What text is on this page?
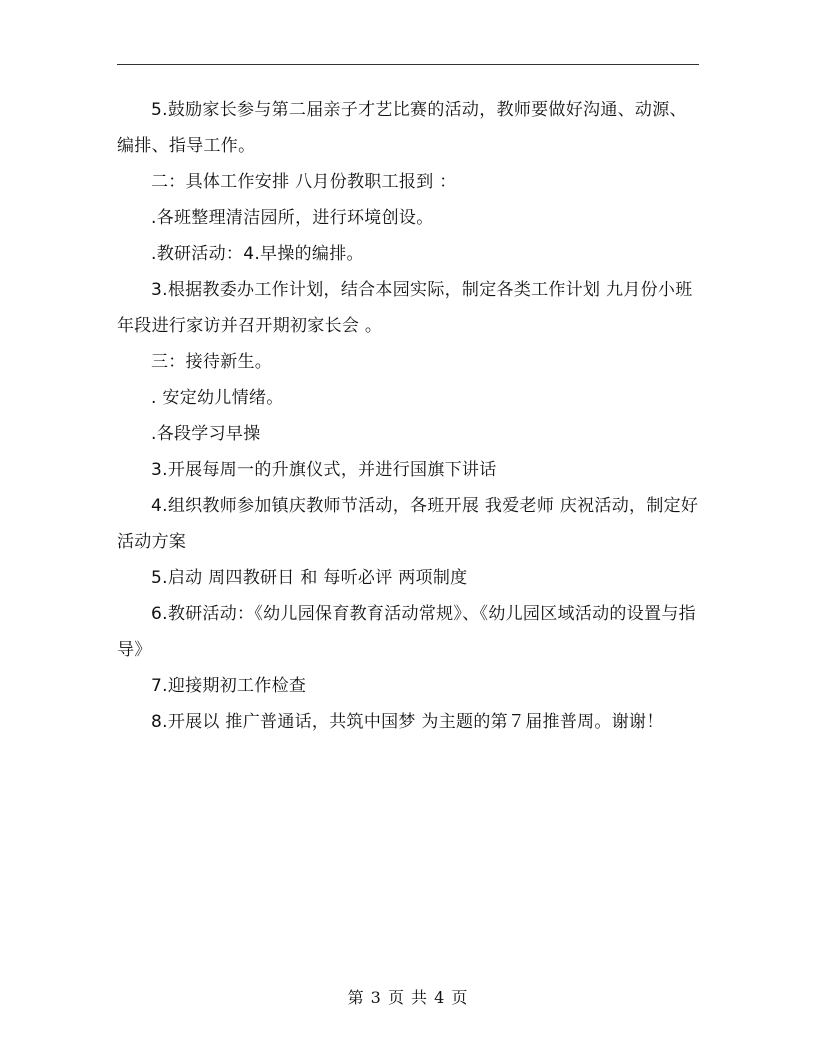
5.鼓励家长参与第二届亲子才艺比赛的活动，教师要做好沟通、动源、编排、指导工作。

二：具体工作安排 八月份教职工报到 ：

.各班整理清洁园所，进行环境创设。

.教研活动：4.早操的编排。

3.根据教委办工作计划，结合本园实际，制定各类工作计划 九月份小班年段进行家访并召开期初家长会 。

三：接待新生。

. 安定幼儿情绪。

.各段学习早操

3.开展每周一的升旗仪式，并进行国旗下讲话

4.组织教师参加镇庆教师节活动，各班开展 我爱老师 庆祝活动，制定好活动方案

5.启动 周四教研日 和 每听必评 两项制度

6.教研活动：《幼儿园保育教育活动常规》、《幼儿园区域活动的设置与指导》

7.迎接期初工作检查

8.开展以 推广普通话，共筑中国梦 为主题的第７届推普周。谢谢！

第 3 页 共 4 页
